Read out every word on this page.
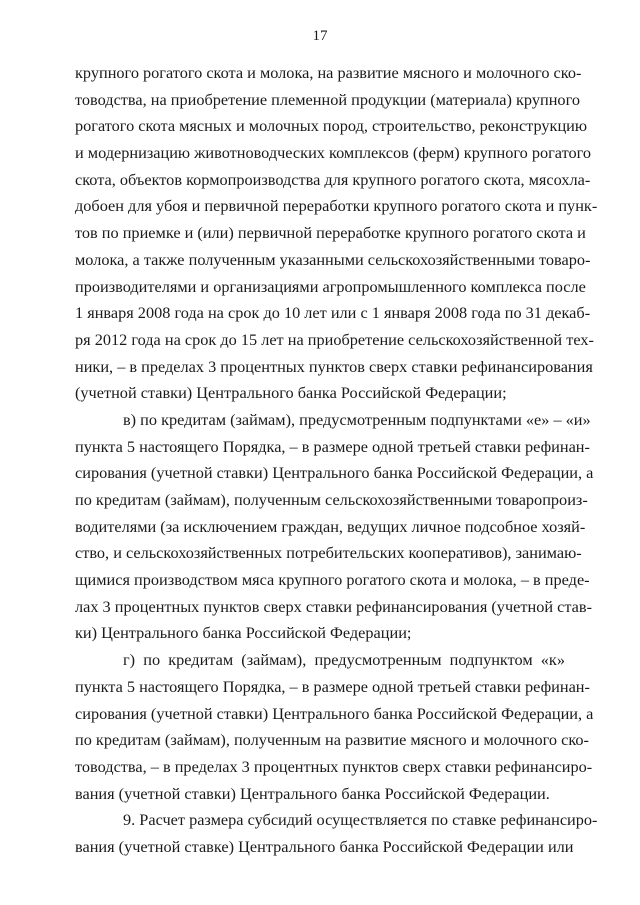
17
крупного рогатого скота и молока, на развитие мясного и молочного ско-
товодства, на приобретение племенной продукции (материала) крупного
рогатого скота мясных и молочных пород, строительство, реконструкцию
и модернизацию животноводческих комплексов (ферм) крупного рогатого
скота, объектов кормопроизводства для крупного рогатого скота, мясохла-
добоен для убоя и первичной переработки крупного рогатого скота и пунк-
тов по приемке и (или) первичной переработке крупного рогатого скота и
молока, а также полученным указанными сельскохозяйственными товаро-
производителями и организациями агропромышленного комплекса после
1 января 2008 года на срок до 10 лет или с 1 января 2008 года по 31 декаб-
ря 2012 года на срок до 15 лет на приобретение сельскохозяйственной тех-
ники, – в пределах 3 процентных пунктов сверх ставки рефинансирования
(учетной ставки) Центрального банка Российской Федерации;
в) по кредитам (займам), предусмотренным подпунктами «е» – «и»
пункта 5 настоящего Порядка, – в размере одной третьей ставки рефинан-
сирования (учетной ставки) Центрального банка Российской Федерации, а
по кредитам (займам), полученным сельскохозяйственными товаропроиз-
водителями (за исключением граждан, ведущих личное подсобное хозяй-
ство, и сельскохозяйственных потребительских кооперативов), занимаю-
щимися производством мяса крупного рогатого скота и молока, – в преде-
лах 3 процентных пунктов сверх ставки рефинансирования (учетной став-
ки) Центрального банка Российской Федерации;
г) по кредитам (займам), предусмотренным подпунктом «к»
пункта 5 настоящего Порядка, – в размере одной третьей ставки рефинан-
сирования (учетной ставки) Центрального банка Российской Федерации, а
по кредитам (займам), полученным на развитие мясного и молочного ско-
товодства, – в пределах 3 процентных пунктов сверх ставки рефинансиро-
вания (учетной ставки) Центрального банка Российской Федерации.
9. Расчет размера субсидий осуществляется по ставке рефинансиро-
вания (учетной ставке) Центрального банка Российской Федерации или
